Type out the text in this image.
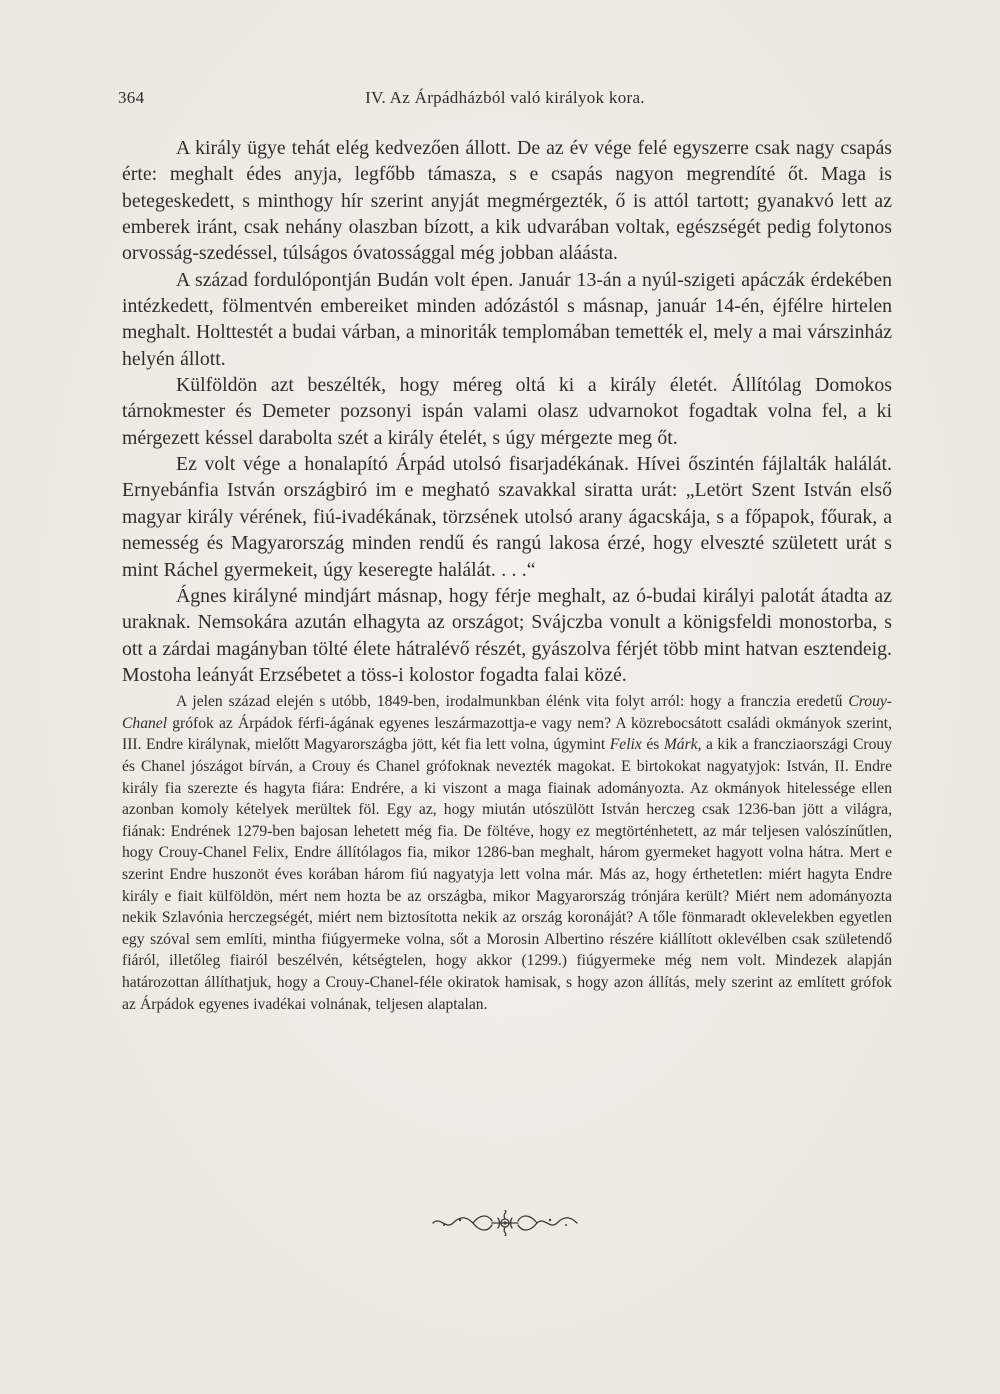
364	IV. Az Árpádházból való királyok kora.

A király ügye tehát elég kedvezően állott. De az év vége felé egyszerre csak nagy csapás érte: meghalt édes anyja, legfőbb támasza, s e csapás nagyon megrendíté őt. Maga is betegeskedett, s minthogy hír szerint anyját megmérgezték, ő is attól tartott; gyanakvó lett az emberek iránt, csak nehány olaszban bízott, a kik udvarában voltak, egészségét pedig folytonos orvosság-szedéssel, túlságos óvatossággal még jobban aláásta.

A század fordulópontján Budán volt épen. Január 13-án a nyúl-szigeti apáczák érdekében intézkedett, fölmentvén embereiket minden adózástól s másnap, január 14-én, éjfélre hirtelen meghalt. Holttestét a budai várban, a minoriták templomában temették el, mely a mai várszinház helyén állott.

Külföldön azt beszélték, hogy méreg oltá ki a király életét. Állítólag Domokos tárnokmester és Demeter pozsonyi ispán valami olasz udvarnokot fogadtak volna fel, a ki mérgezett késsel darabolta szét a király ételét, s úgy mérgezte meg őt.

Ez volt vége a honalapító Árpád utolsó fisarjadékának. Hívei őszintén fájlalták halálát. Ernyebánfia István országbiró im e megható szavakkal siratta urát: „Letört Szent István első magyar király vérének, fiú-ivadékának, törzsének utolsó arany ágacskája, s a főpapok, főurak, a nemesség és Magyarország minden rendű és rangú lakosa érzé, hogy elveszté született urát s mint Ráchel gyermekeit, úgy keseregte halálát. . . .“

Ágnes királyné mindjárt másnap, hogy férje meghalt, az ó-budai királyi palotát átadta az uraknak. Nemsokára azután elhagyta az országot; Svájczba vonult a königsfeldi monostorba, s ott a zárdai magányban tölté élete hátralévő részét, gyászolva férjét több mint hatvan esztendeig. Mostoha leányát Erzsébetet a töss-i kolostor fogadta falai közé.

A jelen század elején s utóbb, 1849-ben, irodalmunkban élénk vita folyt arról: hogy a franczia eredetű Crouy-Chanel grófok az Árpádok férfi-ágának egyenes leszármazottja-e vagy nem? A közrebocsátott családi okmányok szerint, III. Endre királynak, mielőtt Magyarországba jött, két fia lett volna, úgymint Felix és Márk, a kik a francziaországi Crouy és Chanel jószágot bírván, a Crouy és Chanel grófoknak nevezték magokat. E birtokokat nagyatyjok: István, II. Endre király fia szerezte és hagyta fiára: Endrére, a ki viszont a maga fiainak adományozta. Az okmányok hitelessége ellen azonban komoly kételyek merültek föl. Egy az, hogy miután utószülött István herczeg csak 1236-ban jött a világra, fiának: Endrének 1279-ben bajosan lehetett még fia. De föltéve, hogy ez megtörténhetett, az már teljesen valószínűtlen, hogy Crouy-Chanel Felix, Endre állítólagos fia, mikor 1286-ban meghalt, három gyermeket hagyott volna hátra. Mert e szerint Endre huszonöt éves korában három fiú nagyatyja lett volna már. Más az, hogy érthetetlen: miért hagyta Endre király e fiait külföldön, mért nem hozta be az országba, mikor Magyarország trónjára került? Miért nem adományozta nekik Szlavónia herczegségét, miért nem biztosította nekik az ország koronáját? A tőle fönmaradt oklevelekben egyetlen egy szóval sem említi, mintha fiúgyermeke volna, sőt a Morosin Albertino részére kiállított oklevélben csak születendő fiáról, illetőleg fiairól beszélvén, kétségtelen, hogy akkor (1299.) fiúgyermeke még nem volt. Mindezek alapján határozottan állíthatjuk, hogy a Crouy-Chanel-féle okiratok hamisak, s hogy azon állítás, mely szerint az említett grófok az Árpádok egyenes ivadékai volnának, teljesen alaptalan.
